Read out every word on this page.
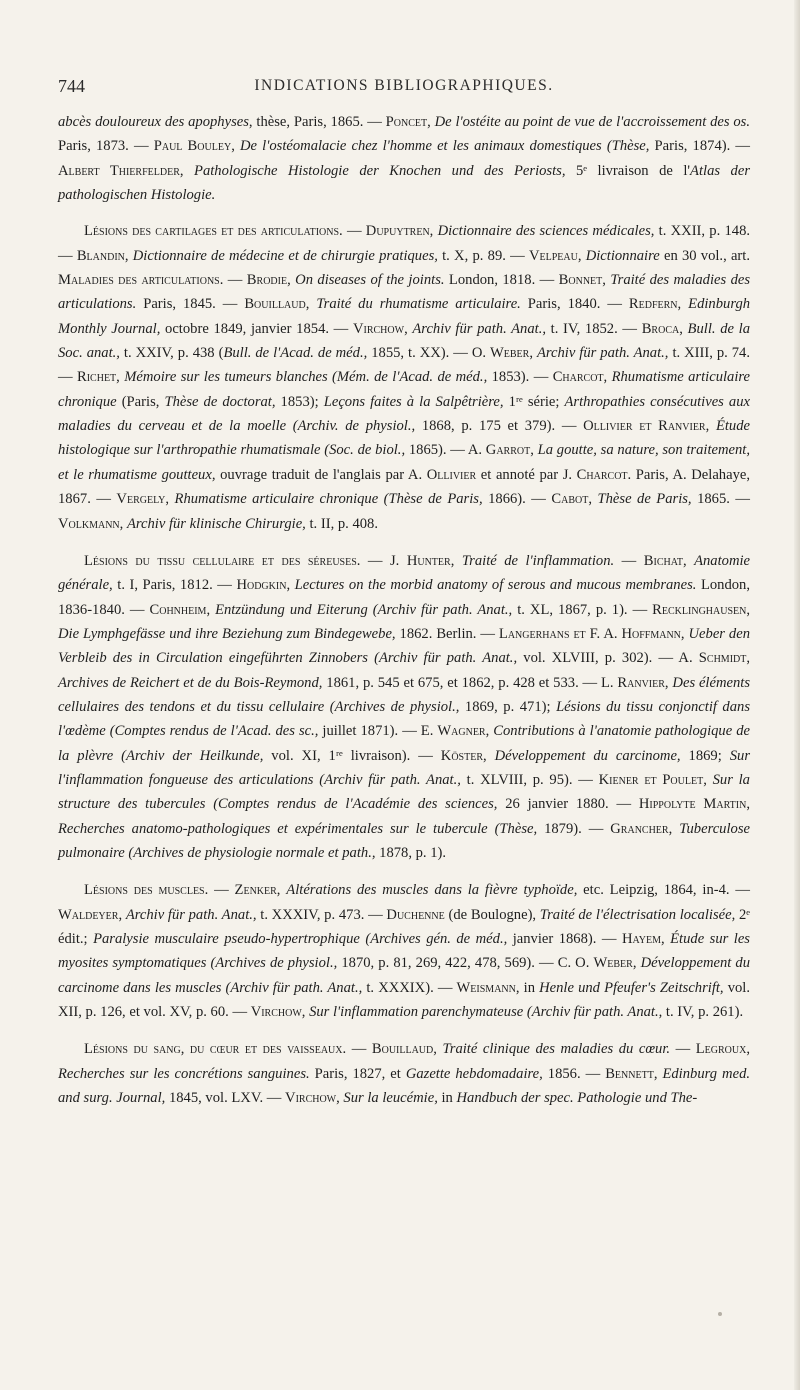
744	INDICATIONS BIBLIOGRAPHIQUES.

abcès douloureux des apophyses, thèse, Paris, 1865. — Poncet, De l'ostéite au point de vue de l'accroissement des os. Paris, 1873. — Paul Bouley, De l'ostéomalacie chez l'homme et les animaux domestiques (Thèse, Paris, 1874). — Albert Thierfelder, Pathologische Histologie der Knochen und des Periosts, 5ᵉ livraison de l'Atlas der pathologischen Histologie.

Lésions des cartilages et des articulations. — Dupuytren, Dictionnaire des sciences médicales, t. XXII, p. 148. — Blandin, Dictionnaire de médecine et de chirurgie pratiques, t. X, p. 89. — Velpeau, Dictionnaire en 30 vol., art. Maladies des articulations. — Brodie, On diseases of the joints. London, 1818. — Bonnet, Traité des maladies des articulations. Paris, 1845. — Bouillaud, Traité du rhumatisme articulaire. Paris, 1840. — Redfern, Edinburgh Monthly Journal, octobre 1849, janvier 1854. — Virchow, Archiv für path. Anat., t. IV, 1852. — Broca, Bull. de la Soc. anat., t. XXIV, p. 438 (Bull. de l'Acad. de méd., 1855, t. XX). — O. Weber, Archiv für path. Anat., t. XIII, p. 74. — Richet, Mémoire sur les tumeurs blanches (Mém. de l'Acad. de méd., 1853). — Charcot, Rhumatisme articulaire chronique (Paris, Thèse de doctorat, 1853); Leçons faites à la Salpêtrière, 1ʳᵉ série; Arthropathies consécutives aux maladies du cerveau et de la moelle (Archiv. de physiol., 1868, p. 175 et 379). — Ollivier et Ranvier, Étude histologique sur l'arthropathie rhumatismale (Soc. de biol., 1865). — A. Garrot, La goutte, sa nature, son traitement, et le rhumatisme goutteux, ouvrage traduit de l'anglais par A. Ollivier et annoté par J. Charcot. Paris, A. Delahaye, 1867. — Vergely, Rhumatisme articulaire chronique (Thèse de Paris, 1866). — Cabot, Thèse de Paris, 1865. — Volkmann, Archiv für klinische Chirurgie, t. II, p. 408.

Lésions du tissu cellulaire et des séreuses. — J. Hunter, Traité de l'inflammation. — Bichat, Anatomie générale, t. I, Paris, 1812. — Hodgkin, Lectures on the morbid anatomy of serous and mucous membranes. London, 1836-1840. — Cohnheim, Entzündung und Eiterung (Archiv für path. Anat., t. XL, 1867, p. 1). — Recklinghausen, Die Lymphgefässe und ihre Beziehung zum Bindegewebe, 1862. Berlin. — Langerhans et F. A. Hoffmann, Ueber den Verbleib des in Circulation eingeführten Zinnobers (Archiv für path. Anat., vol. XLVIII, p. 302). — A. Schmidt, Archives de Reichert et de du Bois-Reymond, 1861, p. 545 et 675, et 1862, p. 428 et 533. — L. Ranvier, Des éléments cellulaires des tendons et du tissu cellulaire (Archives de physiol., 1869, p. 471); Lésions du tissu conjonctif dans l'œdème (Comptes rendus de l'Acad. des sc., juillet 1871). — E. Wagner, Contributions à l'anatomie pathologique de la plèvre (Archiv der Heilkunde, vol. XI, 1ʳᵉ livraison). — Köster, Développement du carcinome, 1869; Sur l'inflammation fongueuse des articulations (Archiv für path. Anat., t. XLVIII, p. 95). — Kiener et Poulet, Sur la structure des tubercules (Comptes rendus de l'Académie des sciences, 26 janvier 1880. — Hippolyte Martin, Recherches anatomo-pathologiques et expérimentales sur le tubercule (Thèse, 1879). — Grancher, Tuberculose pulmonaire (Archives de physiologie normale et path., 1878, p. 1).

Lésions des muscles. — Zenker, Altérations des muscles dans la fièvre typhoïde, etc. Leipzig, 1864, in-4. — Waldeyer, Archiv für path. Anat., t. XXXIV, p. 473. — Duchenne (de Boulogne), Traité de l'électrisation localisée, 2ᵉ édit.; Paralysie musculaire pseudo-hypertrophique (Archives gén. de méd., janvier 1868). — Hayem, Étude sur les myosites symptomatiques (Archives de physiol., 1870, p. 81, 269, 422, 478, 569). — C. O. Weber, Développement du carcinome dans les muscles (Archiv für path. Anat., t. XXXIX). — Weismann, in Henle und Pfeufer's Zeitschrift, vol. XII, p. 126, et vol. XV, p. 60. — Virchow, Sur l'inflammation parenchymateuse (Archiv für path. Anat., t. IV, p. 261).

Lésions du sang, du cœur et des vaisseaux. — Bouillaud, Traité clinique des maladies du cœur. — Legroux, Recherches sur les concrétions sanguines. Paris, 1827, et Gazette hebdomadaire, 1856. — Bennett, Edinburg med. and surg. Journal, 1845, vol. LXV. — Virchow, Sur la leucémie, in Handbuch der spec. Pathologie und The-
